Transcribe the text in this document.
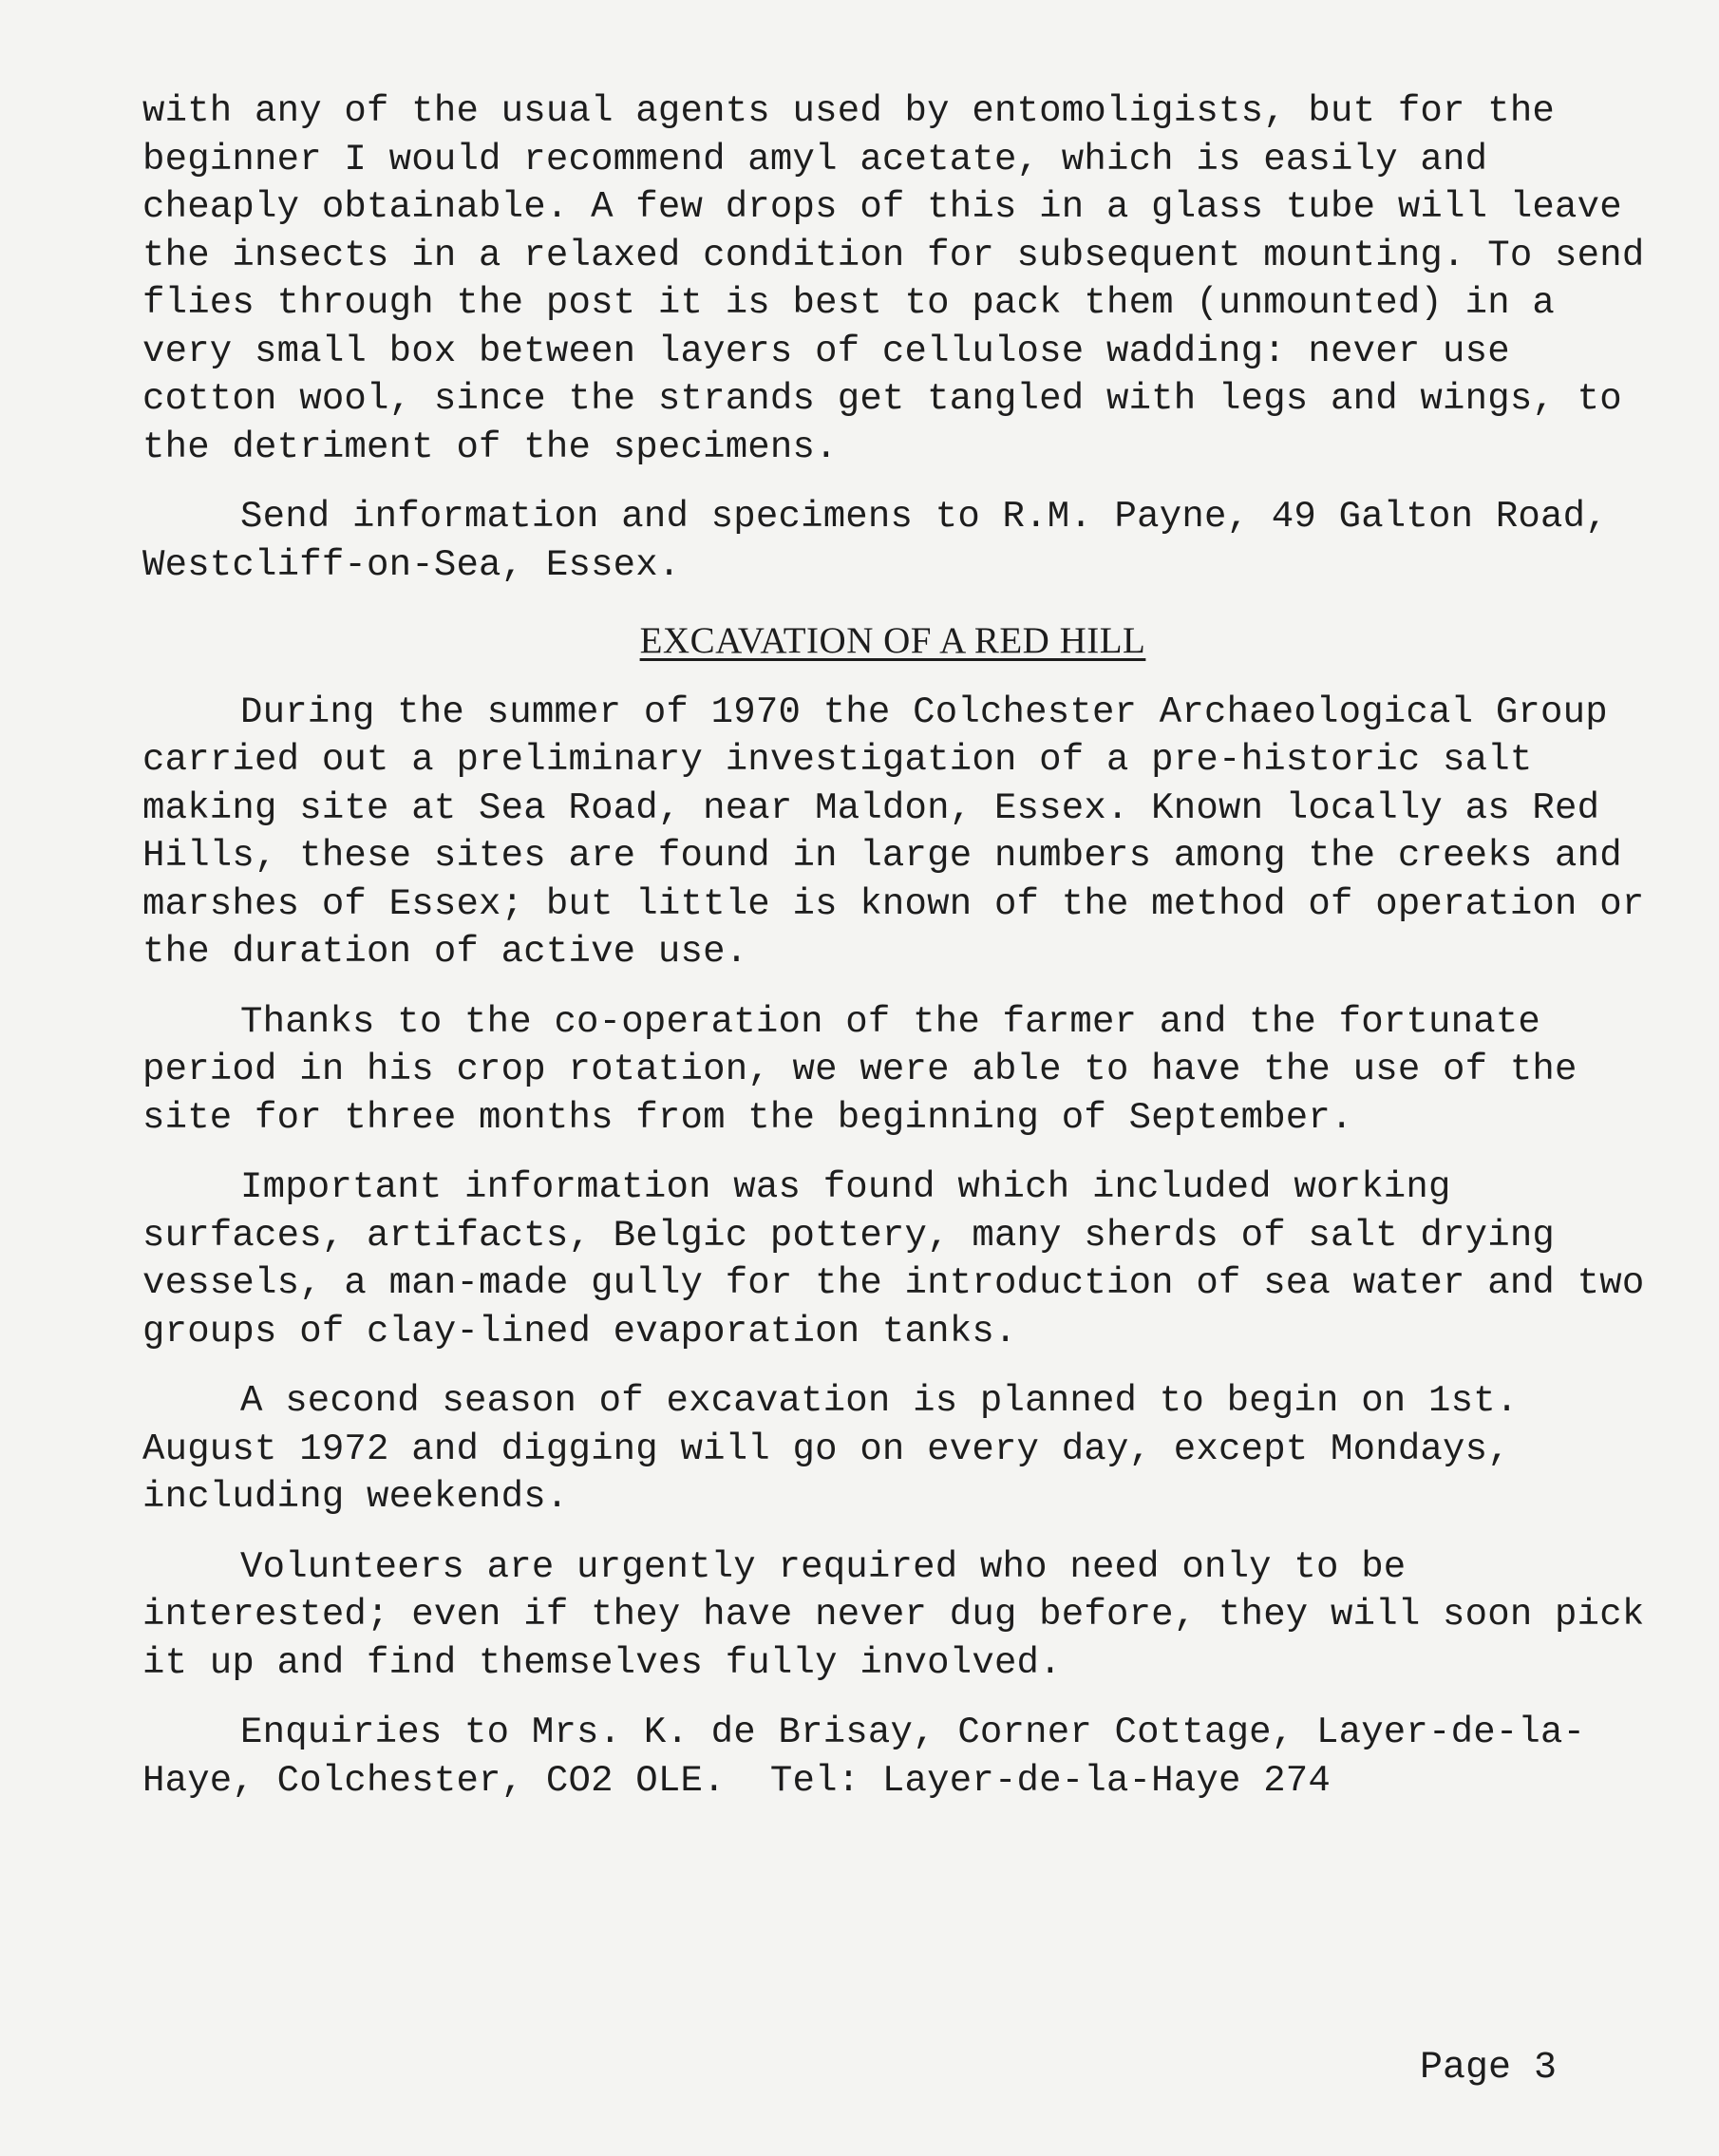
with any of the usual agents used by entomoligists, but for the beginner I would recommend amyl acetate, which is easily and cheaply obtainable. A few drops of this in a glass tube will leave the insects in a relaxed condition for subsequent mounting. To send flies through the post it is best to pack them (unmounted) in a very small box between layers of cellulose wadding: never use cotton wool, since the strands get tangled with legs and wings, to the detriment of the specimens.

Send information and specimens to R.M. Payne, 49 Galton Road, Westcliff-on-Sea, Essex.

EXCAVATION OF A RED HILL

During the summer of 1970 the Colchester Archaeological Group carried out a preliminary investigation of a pre-historic salt making site at Sea Road, near Maldon, Essex. Known locally as Red Hills, these sites are found in large numbers among the creeks and marshes of Essex; but little is known of the method of operation or the duration of active use.

Thanks to the co-operation of the farmer and the fortunate period in his crop rotation, we were able to have the use of the site for three months from the beginning of September.

Important information was found which included working surfaces, artifacts, Belgic pottery, many sherds of salt drying vessels, a man-made gully for the introduction of sea water and two groups of clay-lined evaporation tanks.

A second season of excavation is planned to begin on 1st. August 1972 and digging will go on every day, except Mondays, including weekends.

Volunteers are urgently required who need only to be interested; even if they have never dug before, they will soon pick it up and find themselves fully involved.

Enquiries to Mrs. K. de Brisay, Corner Cottage, Layer-de-la-Haye, Colchester, CO2 OLE.  Tel: Layer-de-la-Haye 274

Page 3
